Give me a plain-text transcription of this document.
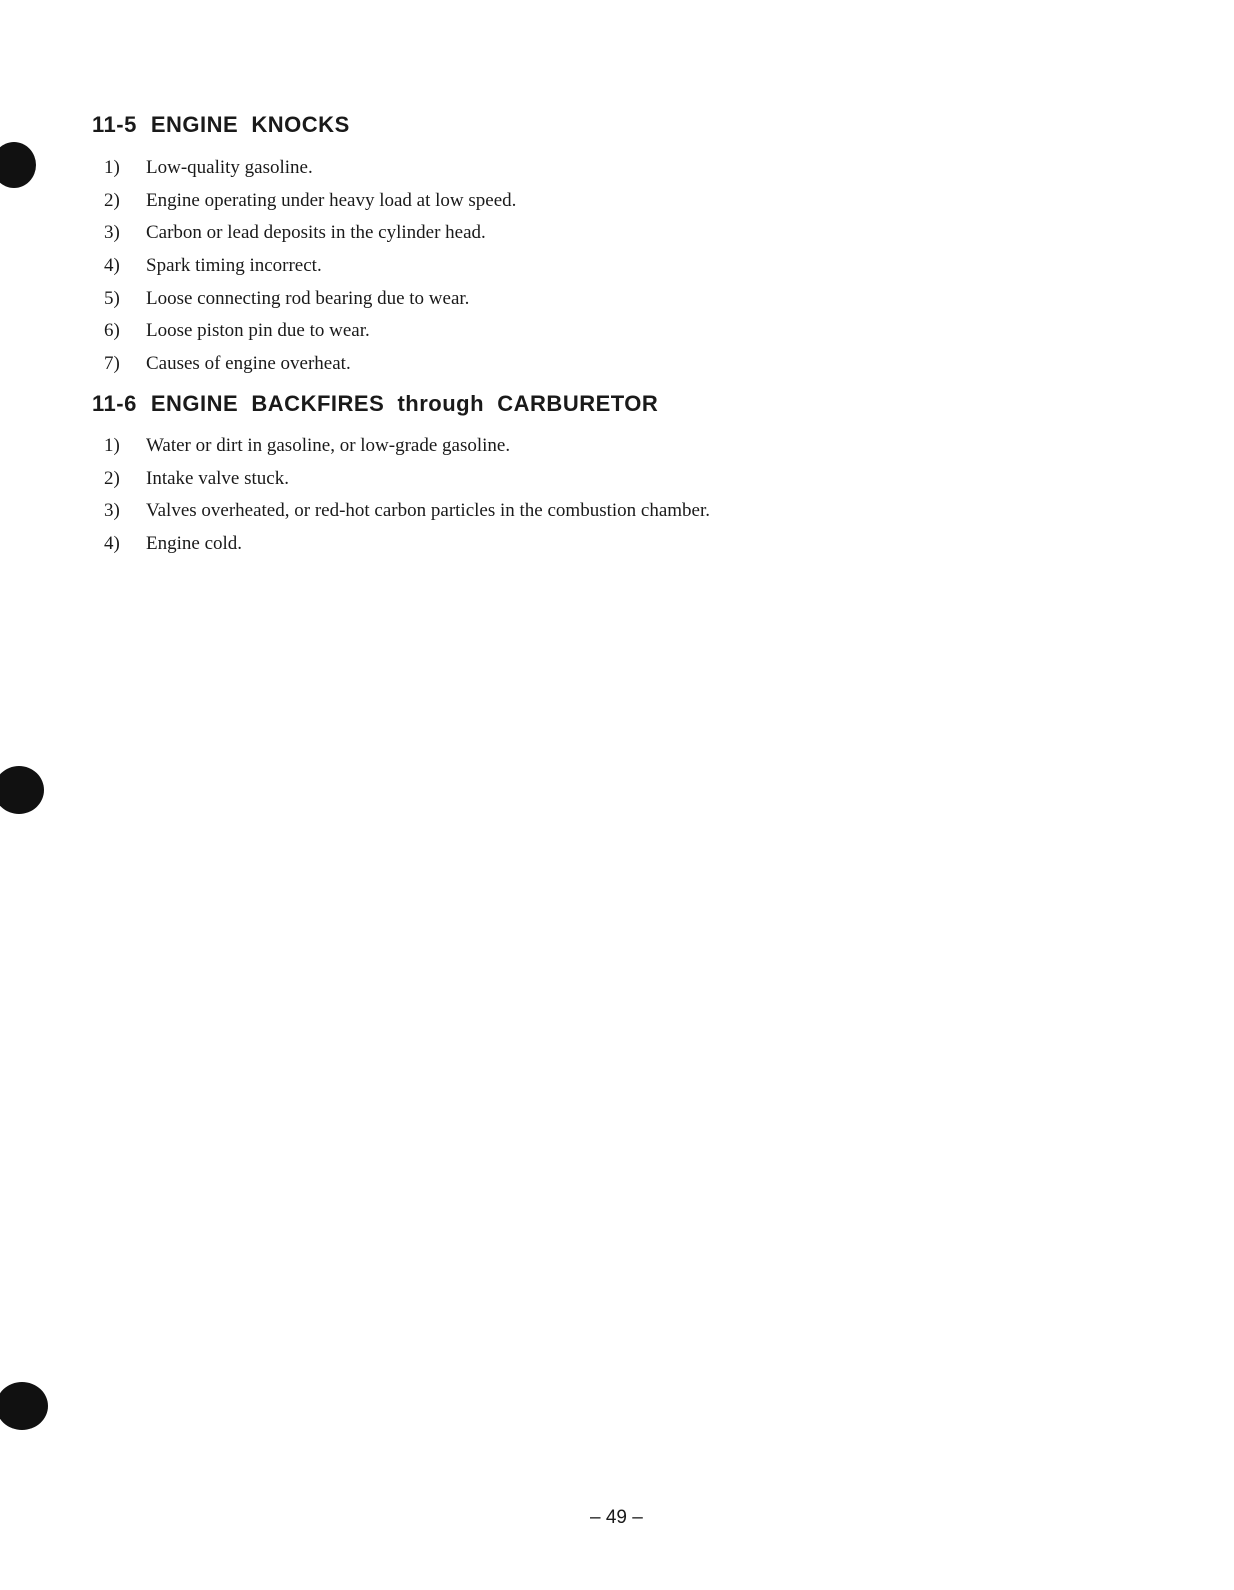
11-5 ENGINE  KNOCKS
1) Low-quality gasoline.
2) Engine operating under heavy load at low speed.
3) Carbon or lead deposits in the cylinder head.
4) Spark timing incorrect.
5) Loose connecting rod bearing due to wear.
6) Loose piston pin due to wear.
7) Causes of engine overheat.
11-6 ENGINE  BACKFIRES  through  CARBURETOR
1) Water or dirt in gasoline, or low-grade gasoline.
2) Intake valve stuck.
3) Valves overheated, or red-hot carbon particles in the combustion chamber.
4) Engine cold.
– 49 –
